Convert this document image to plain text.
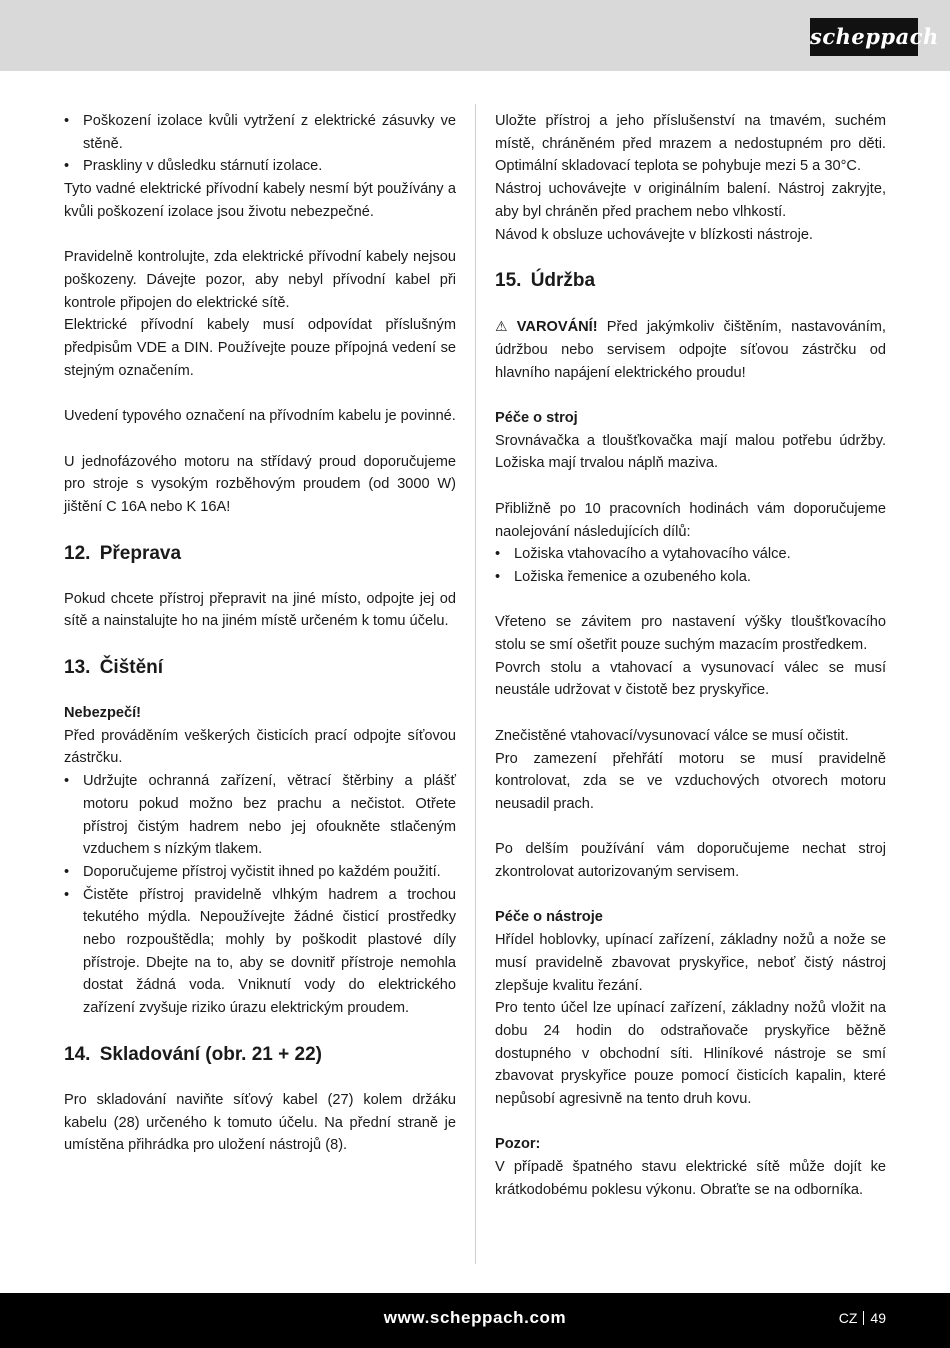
scheppach
• Poškození izolace kvůli vytržení z elektrické zásuvky ve stěně.
• Praskliny v důsledku stárnutí izolace.

Tyto vadné elektrické přívodní kabely nesmí být používány a kvůli poškození izolace jsou životu nebezpečné.

Pravidelně kontrolujte, zda elektrické přívodní kabely nejsou poškozeny. Dávejte pozor, aby nebyl přívodní kabel při kontrole připojen do elektrické sítě.

Elektrické přívodní kabely musí odpovídat příslušným předpisům VDE a DIN. Používejte pouze přípojná vedení se stejným označením.

Uvedení typového označení na přívodním kabelu je povinné.

U jednofázového motoru na střídavý proud doporučujeme pro stroje s vysokým rozběhovým proudem (od 3000 W) jištění C 16A nebo K 16A!

12. Přeprava

Pokud chcete přístroj přepravit na jiné místo, odpojte jej od sítě a nainstalujte ho na jiném místě určeném k tomu účelu.

13. Čištění

Nebezpečí!

Před prováděním veškerých čisticích prací odpojte síťovou zástrčku.

• Udržujte ochranná zařízení, větrací štěrbiny a plášť motoru pokud možno bez prachu a nečistot. Otřete přístroj čistým hadrem nebo jej ofoukněte stlačeným vzduchem s nízkým tlakem.
• Doporučujeme přístroj vyčistit ihned po každém použití.
• Čistěte přístroj pravidelně vlhkým hadrem a trochou tekutého mýdla. Nepoužívejte žádné čisticí prostředky nebo rozpouštědla; mohly by poškodit plastové díly přístroje. Dbejte na to, aby se dovnitř přístroje nemohla dostat žádná voda. Vniknutí vody do elektrického zařízení zvyšuje riziko úrazu elektrickým proudem.
14. Skladování (obr. 21 + 22)

Pro skladování naviňte síťový kabel (27) kolem držáku kabelu (28) určeného k tomuto účelu. Na přední straně je umístěna přihrádka pro uložení nástrojů (8).

Uložte přístroj a jeho příslušenství na tmavém, suchém místě, chráněném před mrazem a nedostupném pro děti. Optimální skladovací teplota se pohybuje mezi 5 a 30°C.

Nástroj uchovávejte v originálním balení. Nástroj zakryjte, aby byl chráněn před prachem nebo vlhkostí.

Návod k obsluze uchovávejte v blízkosti nástroje.

15. Údržba

⚠ VAROVÁNÍ! Před jakýmkoliv čištěním, nastavováním, údržbou nebo servisem odpojte síťovou zástrčku od hlavního napájení elektrického proudu!

Péče o stroj

Srovnávačka a tloušťkovačka mají malou potřebu údržby. Ložiska mají trvalou náplň maziva.

Přibližně po 10 pracovních hodinách vám doporučujeme naolejování následujících dílů:

• Ložiska vtahovacího a vytahovacího válce.
• Ložiska řemenice a ozubeného kola.

Vřeteno se závitem pro nastavení výšky tloušťkovacího stolu se smí ošetřit pouze suchým mazacím prostředkem.

Povrch stolu a vtahovací a vysunovací válec se musí neustále udržovat v čistotě bez pryskyřice.

Znečistěné vtahovací/vysunovací válce se musí očistit.

Pro zamezení přehřátí motoru se musí pravidelně kontrolovat, zda se ve vzduchových otvorech motoru neusadil prach.

Po delším používání vám doporučujeme nechat stroj zkontrolovat autorizovaným servisem.

Péče o nástroje

Hřídel hoblovky, upínací zařízení, základny nožů a nože se musí pravidelně zbavovat pryskyřice, neboť čistý nástroj zlepšuje kvalitu řezání.

Pro tento účel lze upínací zařízení, základny nožů vložit na dobu 24 hodin do odstraňovače pryskyřice běžně dostupného v obchodní síti. Hliníkové nástroje se smí zbavovat pryskyřice pouze pomocí čisticích kapalin, které nepůsobí agresivně na tento druh kovu.

Pozor:

V případě špatného stavu elektrické sítě může dojít ke krátkodobému poklesu výkonu. Obraťte se na odborníka.

www.scheppach.com	CZ 49
